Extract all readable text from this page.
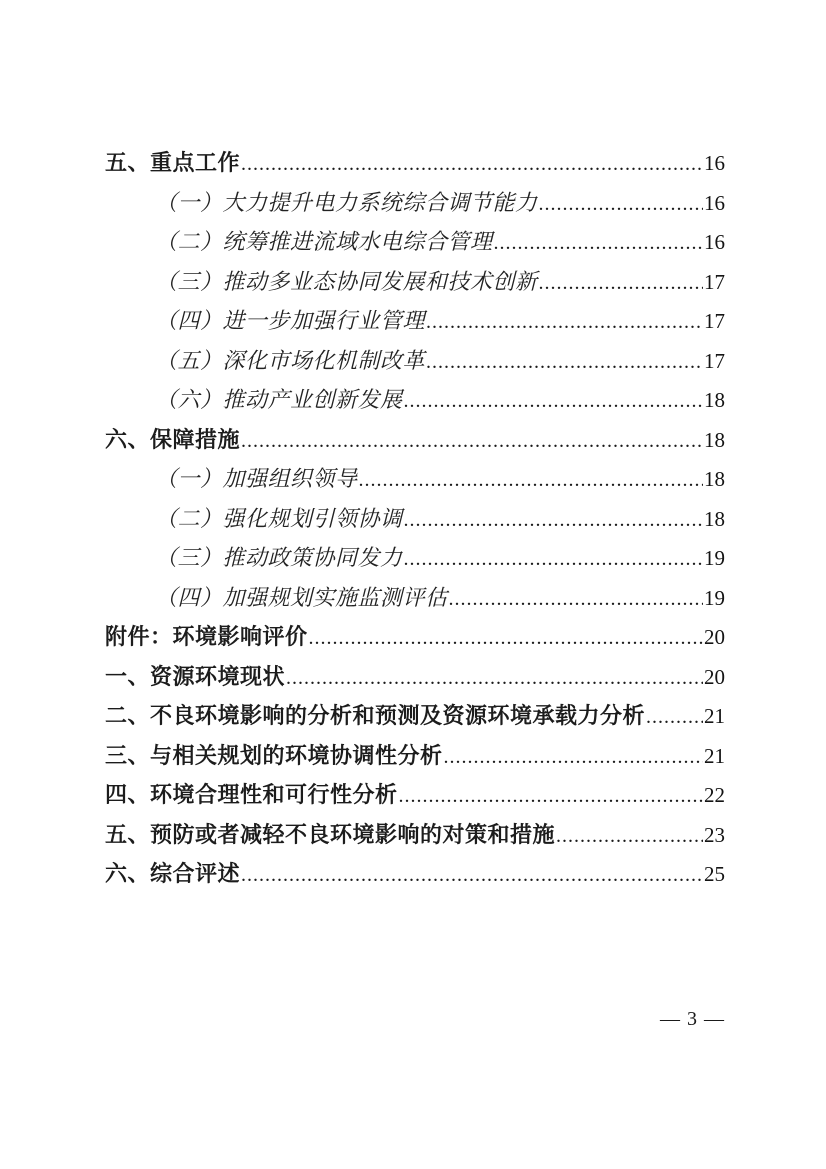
五、重点工作 .....	16
（一）大力提升电力系统综合调节能力 .....	16
（二）统筹推进流域水电综合管理 .....	16
（三）推动多业态协同发展和技术创新 .....	17
（四）进一步加强行业管理 .....	17
（五）深化市场化机制改革 .....	17
（六）推动产业创新发展 .....	18
六、保障措施 .....	18
（一）加强组织领导 .....	18
（二）强化规划引领协调 .....	18
（三）推动政策协同发力 .....	19
（四）加强规划实施监测评估 .....	19
附件：环境影响评价 .....	20
一、资源环境现状 .....	20
二、不良环境影响的分析和预测及资源环境承载力分析 .....	21
三、与相关规划的环境协调性分析 .....	21
四、环境合理性和可行性分析 .....	22
五、预防或者减轻不良环境影响的对策和措施 .....	23
六、综合评述 .....	25
— 3 —
